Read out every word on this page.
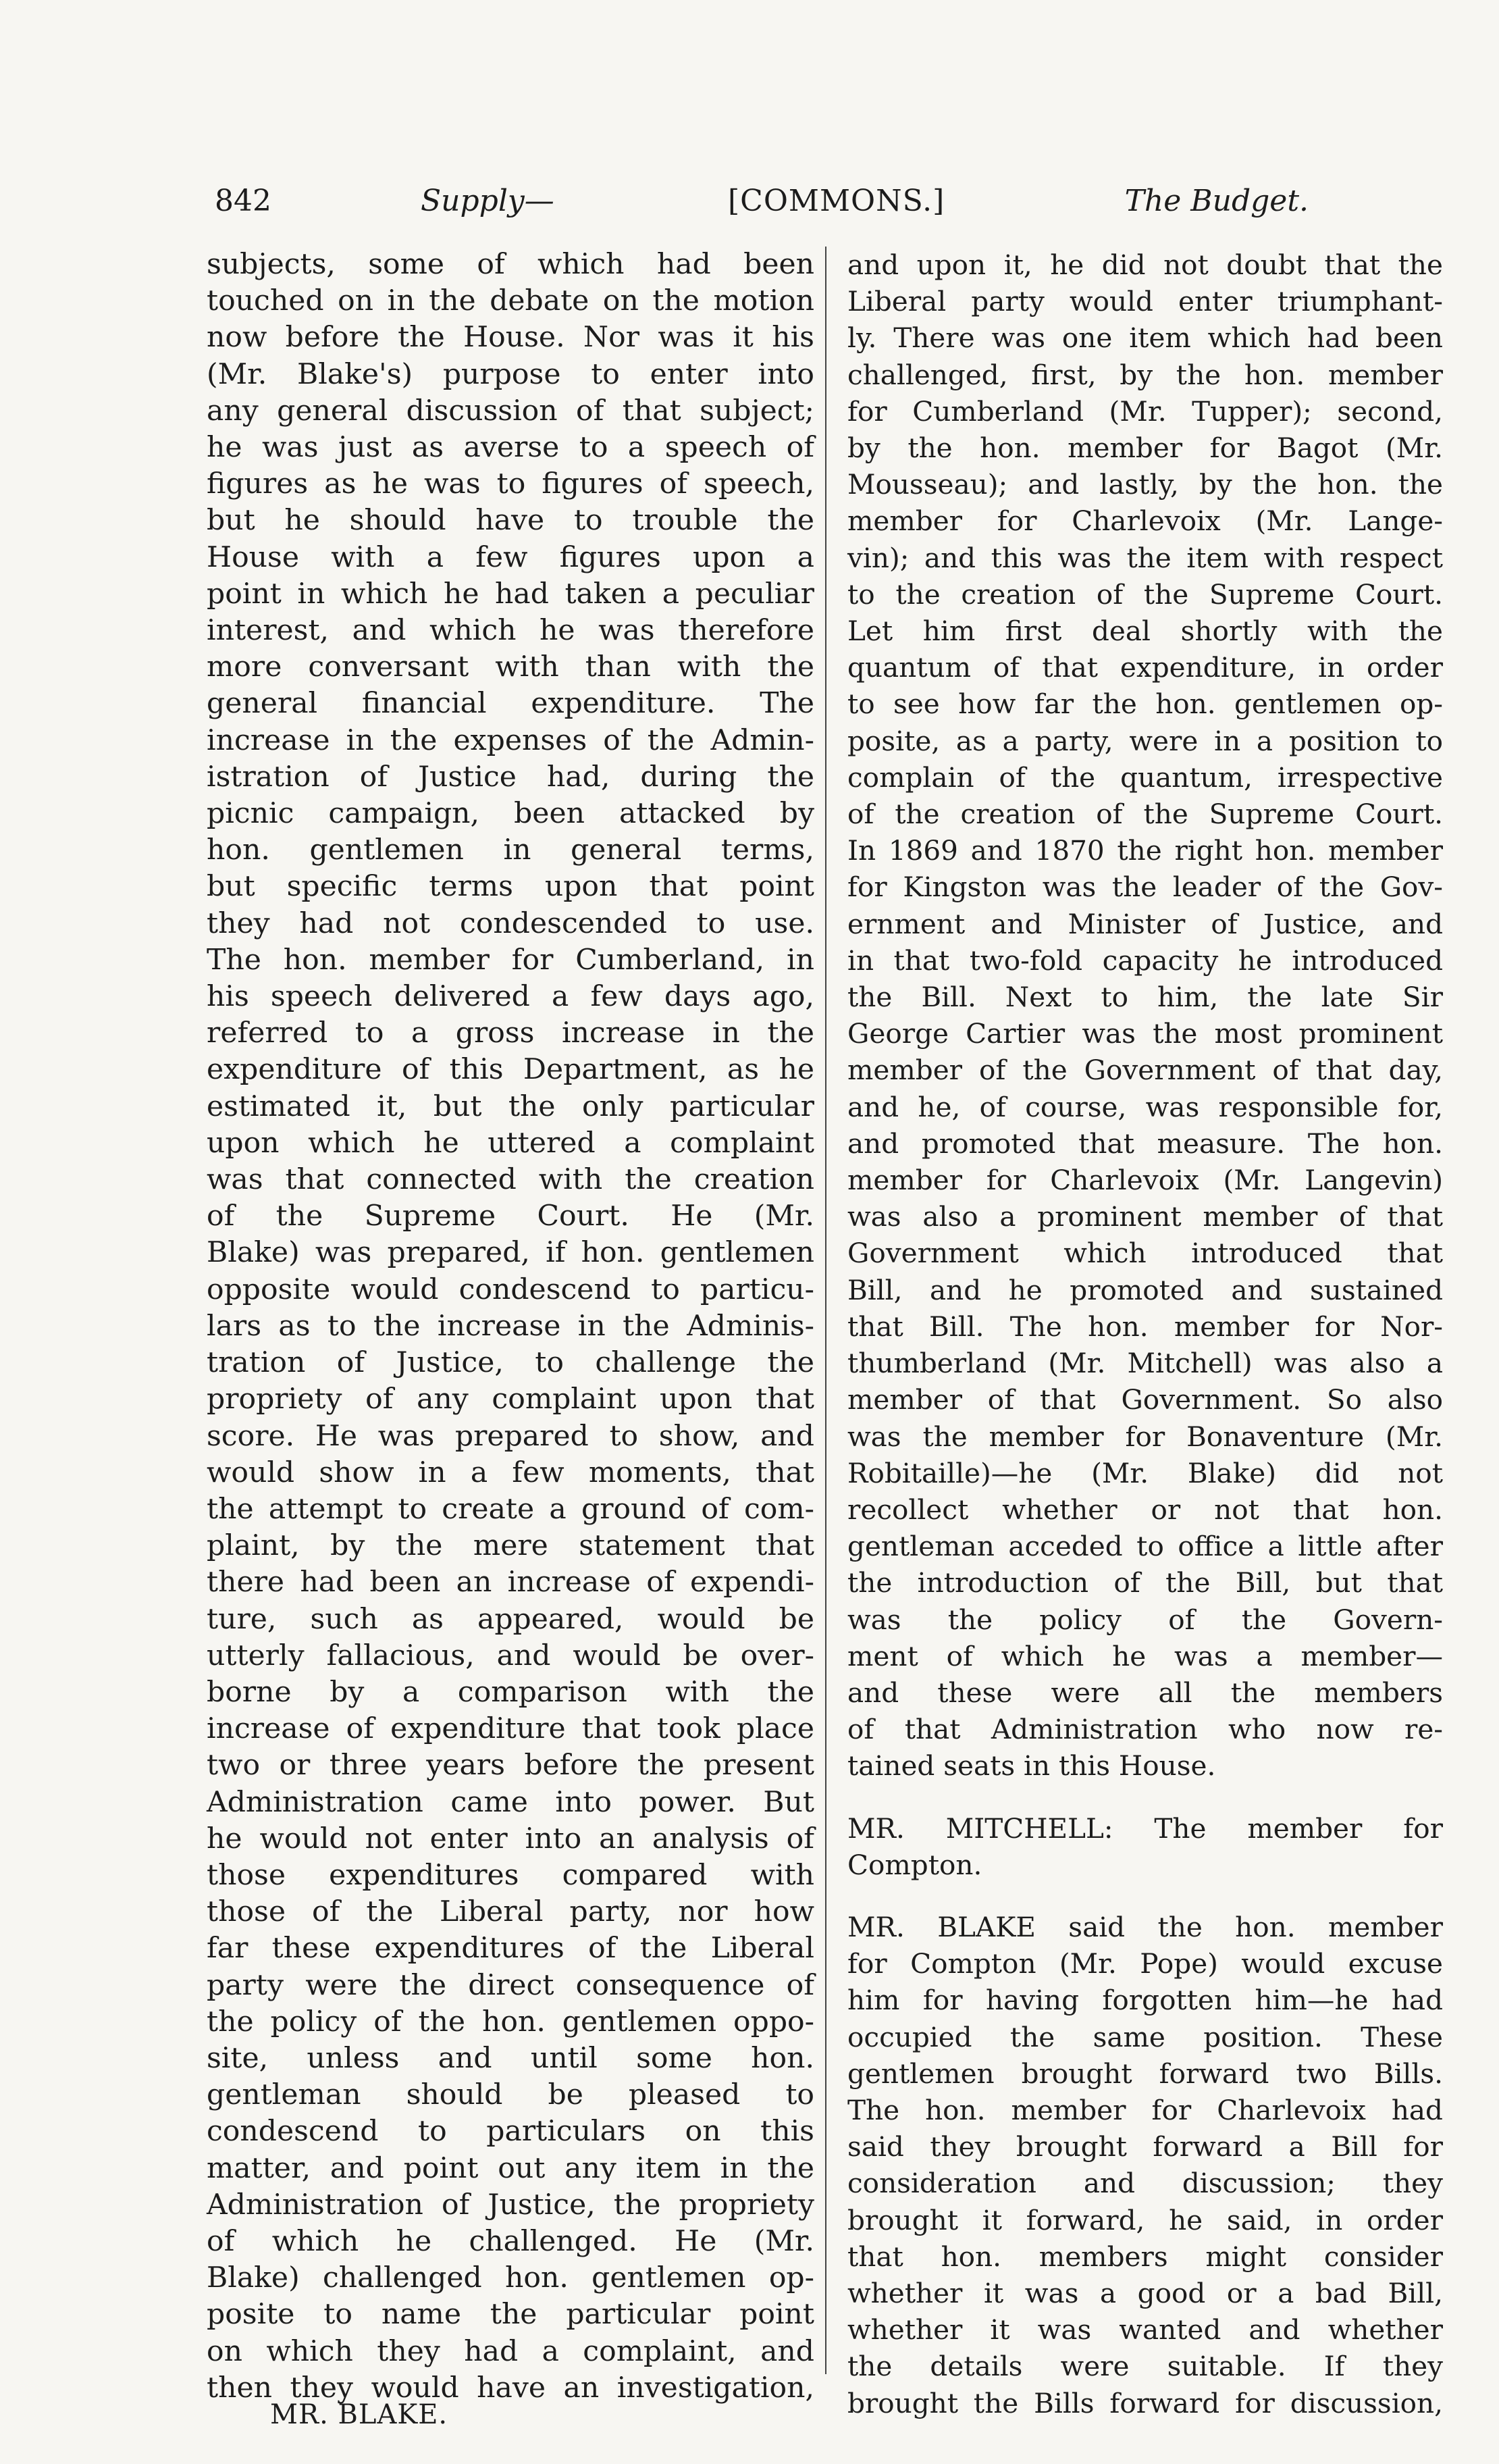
842	Supply—	[COMMONS.]	The Budget.
subjects, some of which had been
touched on in the debate on the motion
now before the House. Nor was it his
(Mr. Blake's) purpose to enter into
any general discussion of that subject;
he was just as averse to a speech of
figures as he was to figures of speech,
but he should have to trouble the
House with a few figures upon a
point in which he had taken a peculiar
interest, and which he was therefore
more conversant with than with the
general financial expenditure. The
increase in the expenses of the Admin-
istration of Justice had, during the
picnic campaign, been attacked by
hon. gentlemen in general terms,
but specific terms upon that point
they had not condescended to use.
The hon. member for Cumberland, in
his speech delivered a few days ago,
referred to a gross increase in the
expenditure of this Department, as he
estimated it, but the only particular
upon which he uttered a complaint
was that connected with the creation
of the Supreme Court. He (Mr.
Blake) was prepared, if hon. gentlemen
opposite would condescend to particu-
lars as to the increase in the Adminis-
tration of Justice, to challenge the
propriety of any complaint upon that
score. He was prepared to show, and
would show in a few moments, that
the attempt to create a ground of com-
plaint, by the mere statement that
there had been an increase of expendi-
ture, such as appeared, would be
utterly fallacious, and would be over-
borne by a comparison with the
increase of expenditure that took place
two or three years before the present
Administration came into power. But
he would not enter into an analysis of
those expenditures compared with
those of the Liberal party, nor how
far these expenditures of the Liberal
party were the direct consequence of
the policy of the hon. gentlemen oppo-
site, unless and until some hon.
gentleman should be pleased to
condescend to particulars on this
matter, and point out any item in the
Administration of Justice, the propriety
of which he challenged. He (Mr.
Blake) challenged hon. gentlemen op-
posite to name the particular point
on which they had a complaint, and
then they would have an investigation,
and upon it, he did not doubt that the
Liberal party would enter triumphant-
ly. There was one item which had been
challenged, first, by the hon. member
for Cumberland (Mr. Tupper); second,
by the hon. member for Bagot (Mr.
Mousseau); and lastly, by the hon. the
member for Charlevoix (Mr. Lange-
vin); and this was the item with respect
to the creation of the Supreme Court.
Let him first deal shortly with the
quantum of that expenditure, in order
to see how far the hon. gentlemen op-
posite, as a party, were in a position to
complain of the quantum, irrespective
of the creation of the Supreme Court.
In 1869 and 1870 the right hon. member
for Kingston was the leader of the Gov-
ernment and Minister of Justice, and
in that two-fold capacity he introduced
the Bill. Next to him, the late Sir
George Cartier was the most prominent
member of the Government of that day,
and he, of course, was responsible for,
and promoted that measure. The hon.
member for Charlevoix (Mr. Langevin)
was also a prominent member of that
Government which introduced that
Bill, and he promoted and sustained
that Bill. The hon. member for Nor-
thumberland (Mr. Mitchell) was also a
member of that Government. So also
was the member for Bonaventure (Mr.
Robitaille)—he (Mr. Blake) did not
recollect whether or not that hon.
gentleman acceded to office a little after
the introduction of the Bill, but that
was the policy of the Govern-
ment of which he was a member—
and these were all the members
of that Administration who now re-
tained seats in this House.
MR. MITCHELL: The member for
Compton.
MR. BLAKE said the hon. member
for Compton (Mr. Pope) would excuse
him for having forgotten him—he had
occupied the same position. These
gentlemen brought forward two Bills.
The hon. member for Charlevoix had
said they brought forward a Bill for
consideration and discussion; they
brought it forward, he said, in order
that hon. members might consider
whether it was a good or a bad Bill,
whether it was wanted and whether
the details were suitable. If they
brought the Bills forward for discussion,
MR. BLAKE.
